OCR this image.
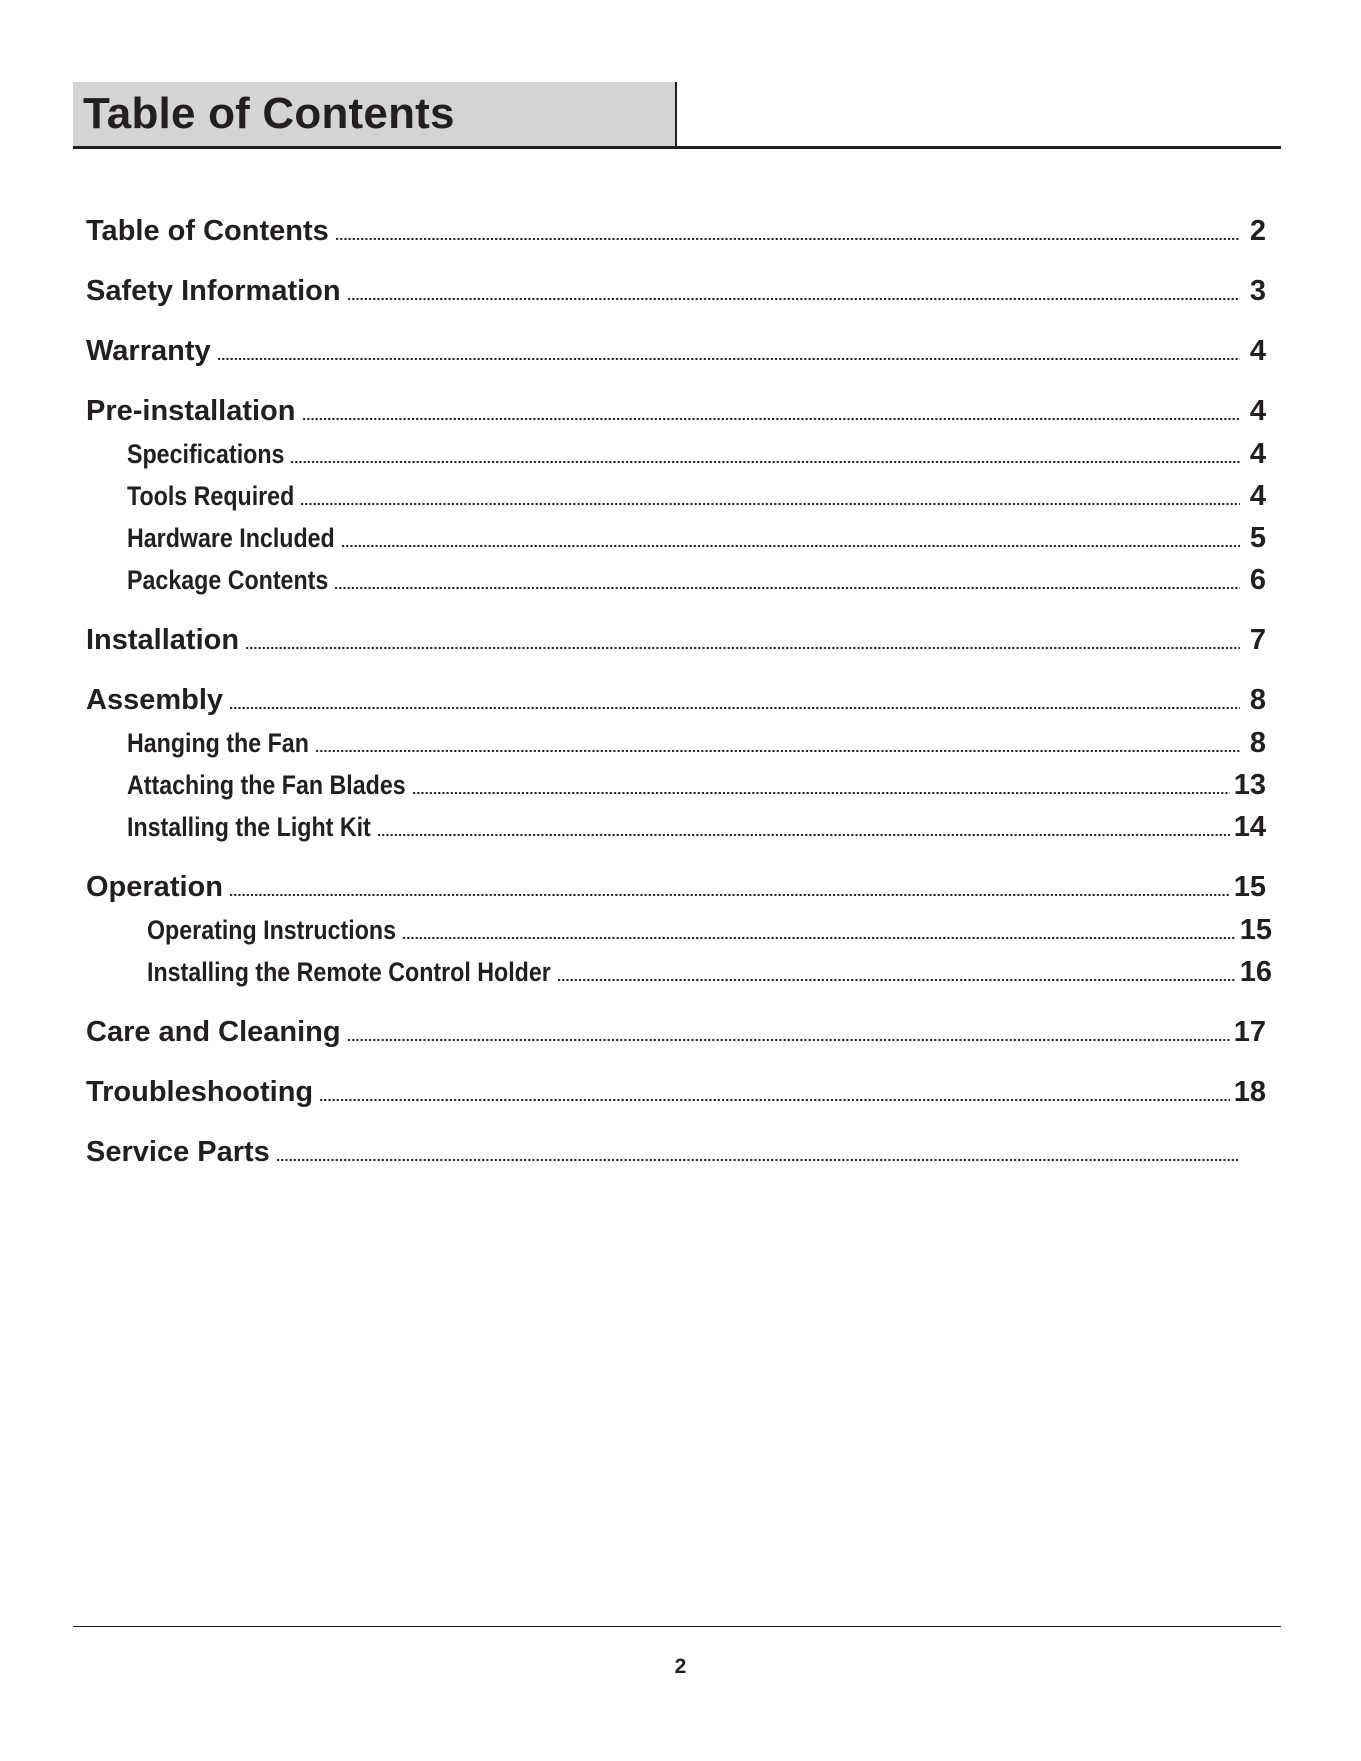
Table of Contents
Table of Contents	2
Safety Information	3
Warranty	4
Pre-installation	4
Specifications	4
Tools Required	4
Hardware Included	5
Package Contents	6
Installation	7
Assembly	8
Hanging the Fan	8
Attaching the Fan Blades	13
Installing the Light Kit	14
Operation	15
Operating Instructions	15
Installing the Remote Control Holder	16
Care and Cleaning	17
Troubleshooting	18
Service Parts
2
